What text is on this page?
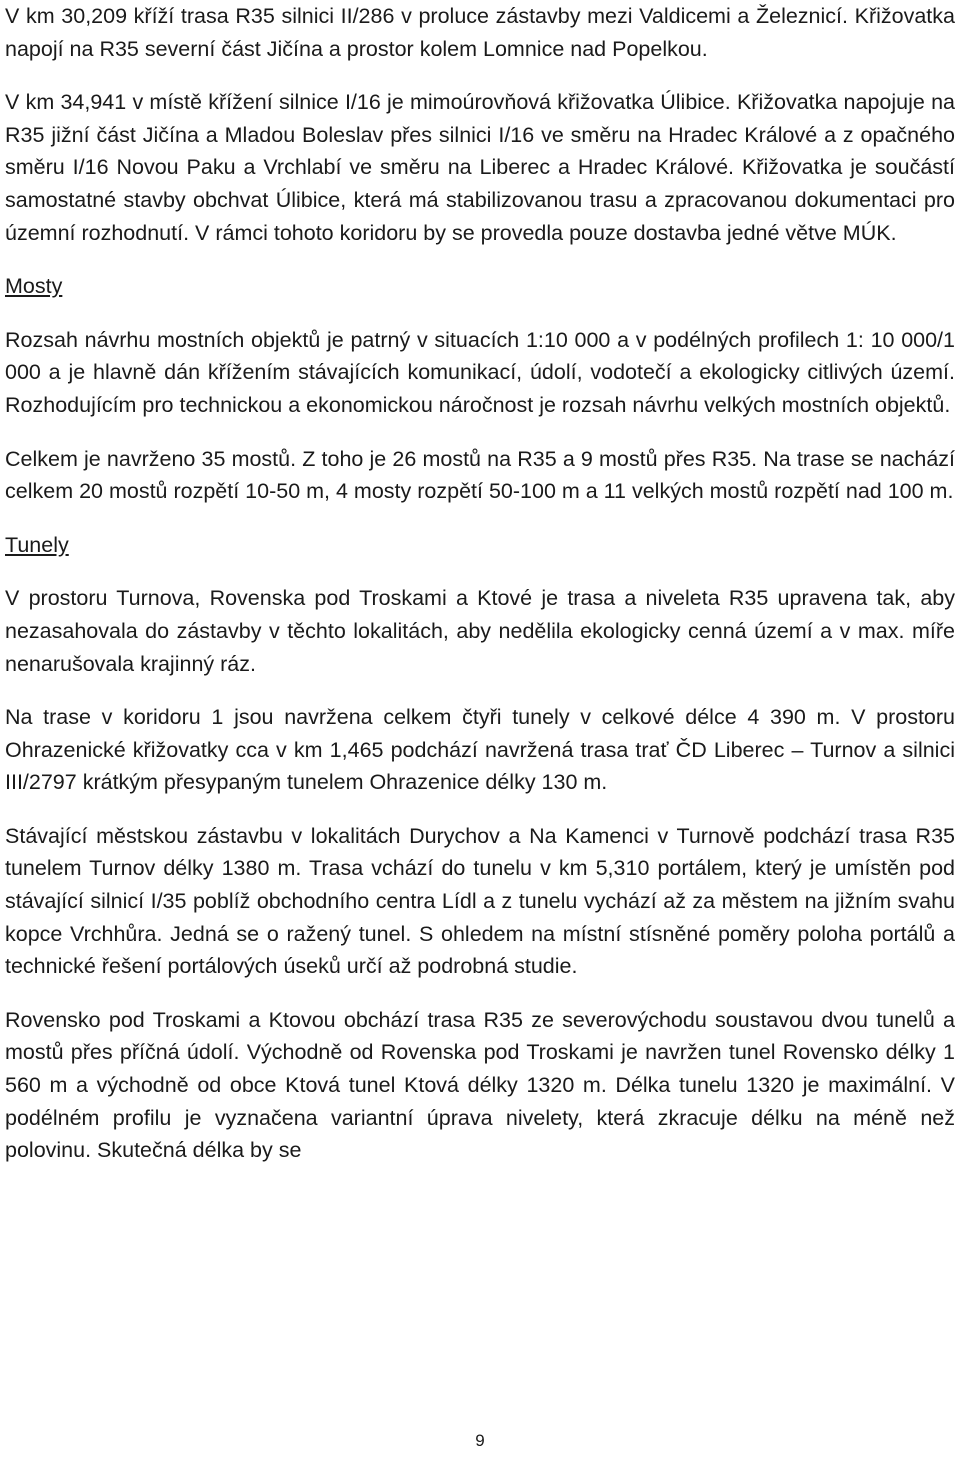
V km 30,209 kříží trasa R35 silnici II/286 v proluce zástavby mezi Valdicemi a Železnicí. Křižovatka napojí na R35 severní část Jičína a prostor kolem Lomnice nad Popelkou.

V km 34,941 v místě křížení silnice I/16 je mimoúrovňová křižovatka Úlibice. Křižovatka napojuje na R35 jižní část Jičína a Mladou Boleslav přes silnici I/16 ve směru na Hradec Králové a z opačného směru I/16 Novou Paku a Vrchlabí ve směru na Liberec a Hradec Králové. Křižovatka je součástí samostatné stavby obchvat Úlibice, která má stabilizovanou trasu a zpracovanou dokumentaci pro územní rozhodnutí. V rámci tohoto koridoru by se provedla pouze dostavba jedné větve MÚK.

Mosty

Rozsah návrhu mostních objektů je patrný v situacích 1:10 000 a v podélných profilech 1: 10 000/1 000 a je hlavně dán křížením stávajících komunikací, údolí, vodotečí a ekologicky citlivých území. Rozhodujícím pro technickou a ekonomickou náročnost je rozsah návrhu velkých mostních objektů.

Celkem je navrženo 35 mostů. Z toho je 26 mostů na R35 a 9 mostů přes R35. Na trase se nachází celkem 20 mostů rozpětí 10-50 m, 4 mosty rozpětí 50-100 m a 11 velkých mostů rozpětí nad 100 m.

Tunely

V prostoru Turnova, Rovenska pod Troskami a Ktové je trasa a niveleta R35 upravena tak, aby nezasahovala do zástavby v těchto lokalitách, aby nedělila ekologicky cenná území a v max. míře nenarušovala krajinný ráz.

Na trase v koridoru 1 jsou navržena celkem čtyři tunely v celkové délce 4 390 m. V prostoru Ohrazenické křižovatky cca v km 1,465 podchází navržená trasa trať ČD Liberec – Turnov a silnici III/2797 krátkým přesypaným tunelem Ohrazenice délky 130 m.

Stávající městskou zástavbu v lokalitách Durychov a Na Kamenci v Turnově podchází trasa R35 tunelem Turnov délky 1380 m. Trasa vchází do tunelu v km 5,310 portálem, který je umístěn pod stávající silnicí I/35 poblíž obchodního centra Lídl a z tunelu vychází až za městem na jižním svahu kopce Vrchhůra. Jedná se o ražený tunel. S ohledem na místní stísněné poměry poloha portálů a technické řešení portálových úseků určí až podrobná studie.

Rovensko pod Troskami a Ktovou obchází trasa R35 ze severovýchodu soustavou dvou tunelů a mostů přes příčná údolí. Východně od Rovenska pod Troskami je navržen tunel Rovensko délky 1 560 m a východně od obce Ktová tunel Ktová délky 1320 m. Délka tunelu 1320 je maximální. V podélném profilu je vyznačena variantní úprava nivelety, která zkracuje délku na méně než polovinu. Skutečná délka by se

9
